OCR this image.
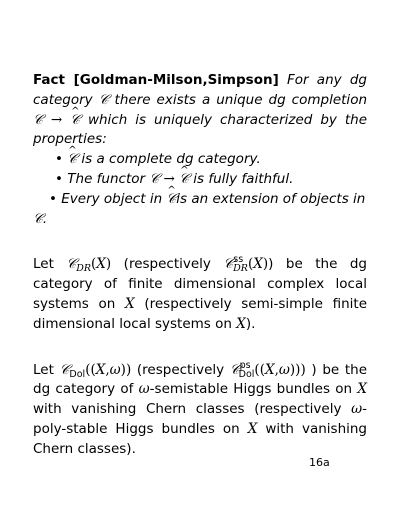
Fact [Goldman-Milson,Simpson] For any dg category 𝒞 there exists a unique dg completion 𝒞 → ^ 𝒞 which is uniquely characterized by the properties:

• ^ 𝒞 is a complete dg category.
• The functor 𝒞 → ^ 𝒞 is fully faithful.
• Every object in ^ 𝒞is an extension of objects in
𝒞.
Let 𝒞$_{DR}$(X) (respectively 𝒞$^{ss}_{DR}$(X)) be the dg category of finite dimensional complex local systems on X (respectively semi-simple finite dimensional local systems on X).
Let 𝒞$_{Dol}$((X,ω)) (respectively 𝒞$^{ps}_{Dol}$((X,ω))) ) be the dg category of ω-semistable Higgs bundles on X with vanishing Chern classes (respectively ω-poly-stable Higgs bundles on X with vanishing Chern classes).
16a
